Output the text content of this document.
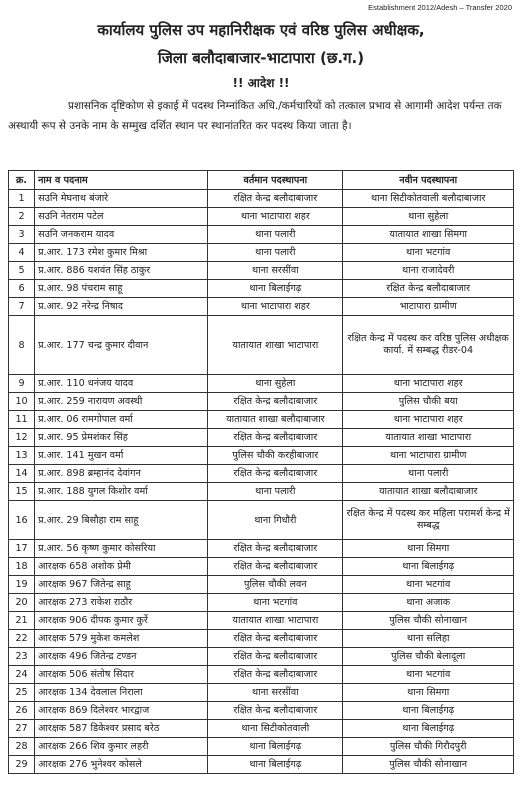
Establishment 2012/Adesh – Transfer 2020
कार्यालय पुलिस उप महानिरीक्षक एवं वरिष्ठ पुलिस अधीक्षक,
जिला बलौदाबाजार-भाटापारा (छ.ग.)
!! आदेश !!
प्रशासनिक दृष्टिकोण से इकाई में पदस्थ निम्नांकित अधि./कर्मचारियों को तत्काल प्रभाव से आगामी आदेश पर्यन्त तक अस्थायी रूप से उनके नाम के सम्मुख दर्शित स्थान पर स्थानांतरित कर पदस्थ किया जाता है।
क्र.	नाम व पदनाम	वर्तमान पदस्थापना	नवीन पदस्थापना
1	सउनि मेघनाथ बंजारे	रक्षित केन्द्र बलौदाबाजार	थाना सिटीकोतवाली बलौदाबाजार
2	सउनि नेतराम पटेल	थाना भाटापारा शहर	थाना सुहेला
3	सउनि जनकराम यादव	थाना पलारी	यातायात शाखा सिमगा
4	प्र.आर. 173 रमेश कुमार मिश्रा	थाना पलारी	थाना भटगांव
5	प्र.आर. 886 यशवंत सिंह ठाकुर	थाना सरसींवा	थाना राजादेवरी
6	प्र.आर. 98 पंचराम साहू	थाना बिलाईगढ़	रक्षित केन्द्र बलौदाबाजार
7	प्र.आर. 92 नरेन्द्र निषाद	थाना भाटापारा शहर	भाटापारा ग्रामीण
8	प्र.आर. 177 चन्द्र कुमार दीवान	यातायात शाखा भाटापारा	रक्षित केन्द्र में पदस्थ कर वरिष्ठ पुलिस अधीक्षक कार्या. में सम्बद्ध रीडर-04
9	प्र.आर. 110 धनंजय यादव	थाना सुहेला	थाना भाटापारा शहर
10	प्र.आर. 259 नारायण अवस्थी	रक्षित केन्द्र बलौदाबाजार	पुलिस चौकी बया
11	प्र.आर. 06 रामगोपाल वर्मा	यातायात शाखा बलौदाबाजार	थाना भाटापारा शहर
12	प्र.आर. 95 प्रेमशंकर सिंह	रक्षित केन्द्र बलौदाबाजार	यातायात शाखा भाटापारा
13	प्र.आर. 141 मुखन वर्मा	पुलिस चौकी करहीबाजार	थाना भाटापारा ग्रामीण
14	प्र.आर. 898 ब्रम्हानंद देवांगन	रक्षित केन्द्र बलौदाबाजार	थाना पलारी
15	प्र.आर. 188 युगल किशोर वर्मा	थाना पलारी	यातायात शाखा बलौदाबाजार
16	प्र.आर. 29 बिसौहा राम साहू	थाना गिधौरी	रक्षित केन्द्र में पदस्थ कर महिला परामर्श केन्द्र में सम्बद्ध
17	प्र.आर. 56 कृष्ण कुमार कोसरिया	रक्षित केन्द्र बलौदाबाजार	थाना सिमगा
18	आरक्षक 658 अशोक प्रेमी	रक्षित केन्द्र बलौदाबाजार	थाना बिलाईगढ़
19	आरक्षक 967 जितेन्द्र साहू	पुलिस चौकी लवन	थाना भटगांव
20	आरक्षक 273 राकेश राठौर	थाना भटगांव	थाना अजाक
21	आरक्षक 906 दीपक कुमार कुर्रे	यातायात शाखा भाटापारा	पुलिस चौकी सोनाखान
22	आरक्षक 579 मुकेश कमलेश	रक्षित केन्द्र बलौदाबाजार	थाना सलिहा
23	आरक्षक 496 जितेन्द्र टण्डन	रक्षित केन्द्र बलौदाबाजार	पुलिस चौकी बेलादूला
24	आरक्षक 506 संतोष सिदार	रक्षित केन्द्र बलौदाबाजार	थाना भटगांव
25	आरक्षक 134 देवलाल निराला	थाना सरसींवा	थाना सिमगा
26	आरक्षक 869 दिलेश्वर भारद्वाज	रक्षित केन्द्र बलौदाबाजार	थाना बिलाईगढ़
27	आरक्षक 587 डिकेश्वर प्रसाद बरेठ	थाना सिटीकोतवाली	थाना बिलाईगढ़
28	आरक्षक 266 शिव कुमार लहरी	थाना बिलाईगढ़	पुलिस चौकी गिरौदपुरी
29	आरक्षक 276 भुनेश्वर कोसले	थाना बिलाईगढ़	पुलिस चौकी सोनाखान
